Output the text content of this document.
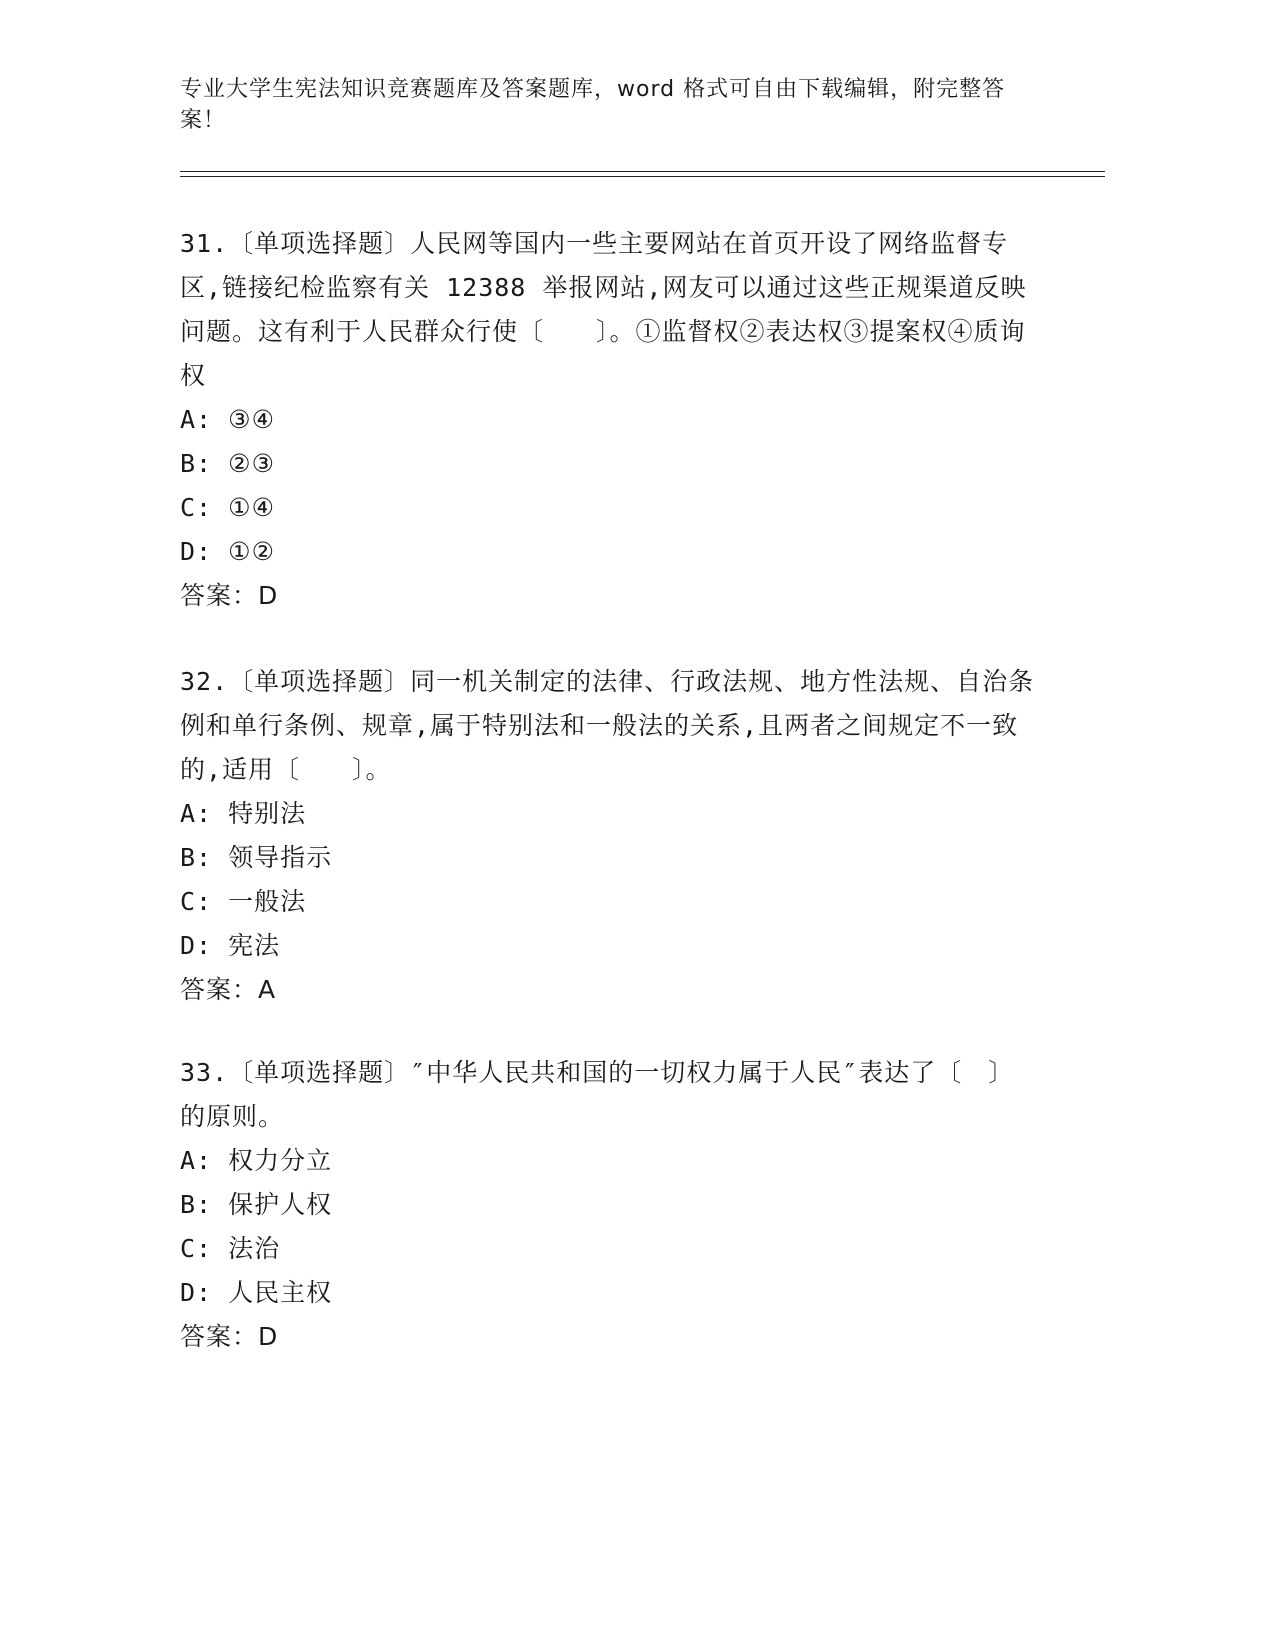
专业大学生宪法知识竞赛题库及答案题库，word 格式可自由下载编辑，附完整答案！

31.〔单项选择题〕人民网等国内一些主要网站在首页开设了网络监督专区,链接纪检监察有关 12388 举报网站,网友可以通过这些正规渠道反映问题。这有利于人民群众行使〔　　〕。①监督权②表达权③提案权④质询权

A: ③④
B: ②③
C: ①④
D: ①②
答案：D

32.〔单项选择题〕同一机关制定的法律、行政法规、地方性法规、自治条例和单行条例、规章,属于特别法和一般法的关系,且两者之间规定不一致的,适用〔　　〕。

A: 特别法
B: 领导指示
C: 一般法
D: 宪法
答案：A

33.〔单项选择题〕″中华人民共和国的一切权力属于人民″表达了〔　〕的原则。

A: 权力分立
B: 保护人权
C: 法治
D: 人民主权
答案：D
